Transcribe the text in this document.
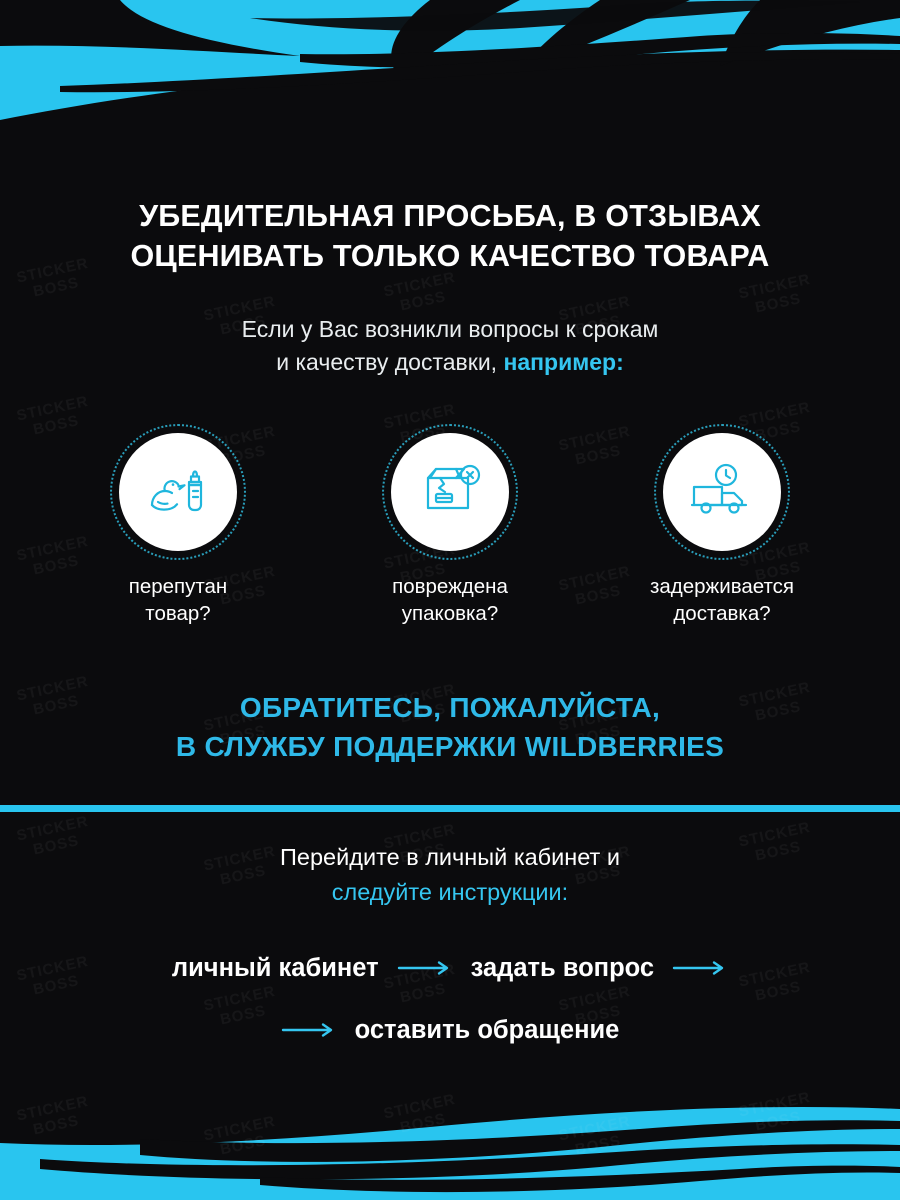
УБЕДИТЕЛЬНАЯ ПРОСЬБА, В ОТЗЫВАХ
ОЦЕНИВАТЬ ТОЛЬКО КАЧЕСТВО ТОВАРА
Если у Вас возникли вопросы к срокам
и качеству доставки, например:
перепутан
товар?
повреждена
упаковка?
задерживается
доставка?
ОБРАТИТЕСЬ, ПОЖАЛУЙСТА,
В СЛУЖБУ ПОДДЕРЖКИ WILDBERRIES
Перейдите в личный кабинет и
следуйте инструкции:
личный кабинет	задать вопрос
оставить обращение
